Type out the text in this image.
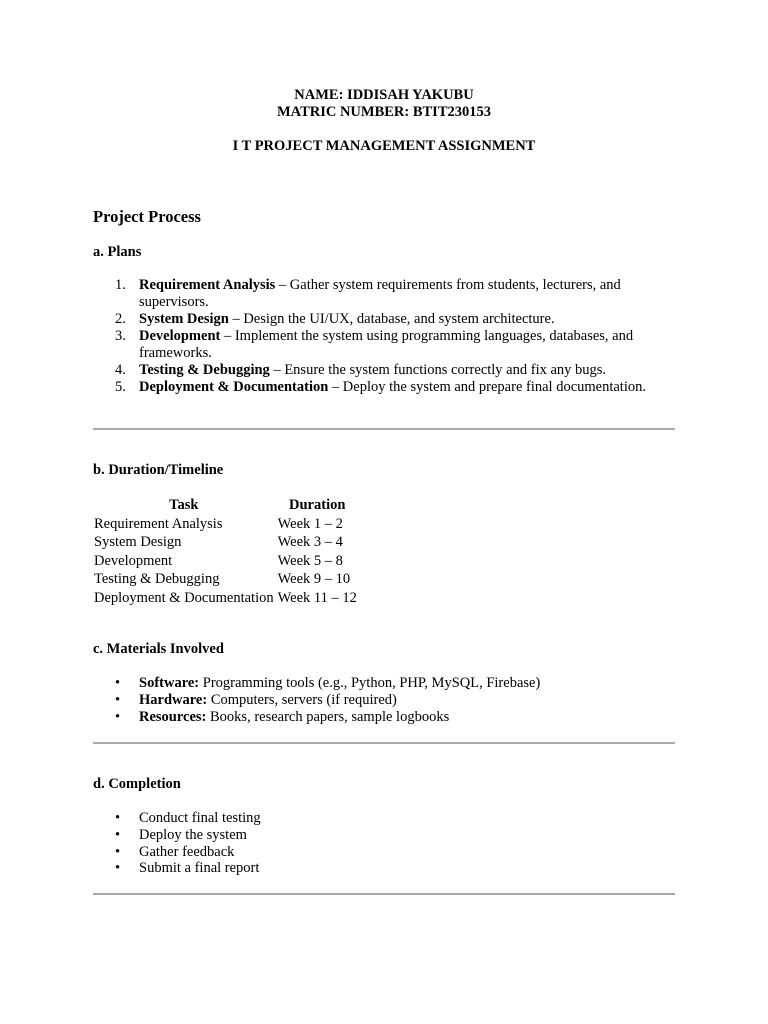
NAME: IDDISAH YAKUBU
MATRIC NUMBER: BTIT230153
I T PROJECT MANAGEMENT ASSIGNMENT
Project Process
a. Plans
1. Requirement Analysis – Gather system requirements from students, lecturers, and supervisors.
2. System Design – Design the UI/UX, database, and system architecture.
3. Development – Implement the system using programming languages, databases, and frameworks.
4. Testing & Debugging – Ensure the system functions correctly and fix any bugs.
5. Deployment & Documentation – Deploy the system and prepare final documentation.
b. Duration/Timeline
Task	Duration
Requirement Analysis	Week 1 – 2
System Design	Week 3 – 4
Development	Week 5 – 8
Testing & Debugging	Week 9 – 10
Deployment & Documentation	Week 11 – 12
c. Materials Involved
• Software: Programming tools (e.g., Python, PHP, MySQL, Firebase)
• Hardware: Computers, servers (if required)
• Resources: Books, research papers, sample logbooks
d. Completion
• Conduct final testing
• Deploy the system
• Gather feedback
• Submit a final report
